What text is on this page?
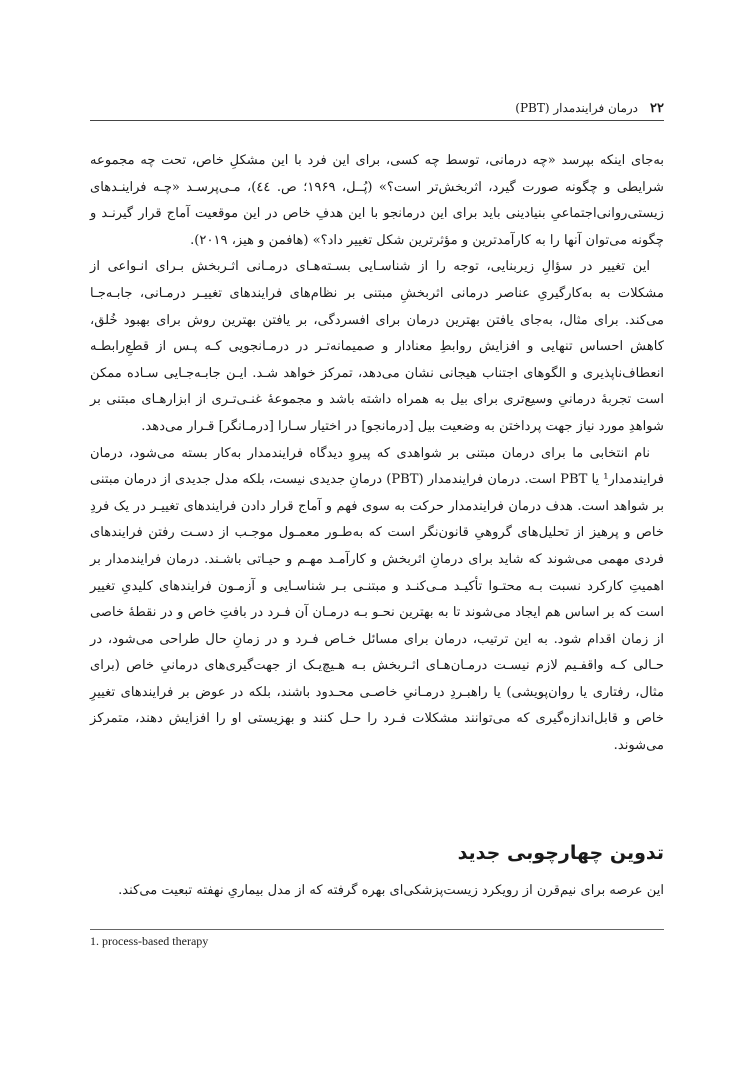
۲۲
درمان فرایندمدار (PBT)

به‌جای اینکه بپرسد «چه درمانی، توسط چه کسی، برای این فرد با این مشکلِ خاص، تحت چه مجموعه شرایطی و چگونه صورت گیرد، اثربخش‌تر است؟» (پُــل، ۱۹۶۹؛ ص. ٤٤)، مـی‌پرسـد «چـه فراینـدهای زیستی‌روانی‌اجتماعیِ بنیادینی باید برای این درمانجو با این هدفِ خاص در این موقعیت آماج قرار گیرنـد و چگونه می‌توان آنها را به کارآمدترین و مؤثرترین شکل تغییر داد؟» (هافمن و هیز، ۲۰۱۹).

این تغییر در سؤالِ زیربنایی، توجه را از شناسـایی بسـته‌هـای درمـانی اثـربخش بـرای انـواعی از مشکلات به به‌کارگیریِ عناصر درمانی اثربخشِ مبتنی بر نظام‌های فرایندهای تغییـر درمـانی، جابـه‌جـا می‌کند. برای مثال، به‌جای یافتن بهترین درمان برای افسردگی، بر یافتن بهترین روش برای بهبود خُلق، کاهش احساس تنهایی و افزایش روابطِ معنادار و صمیمانه‌تـر در درمـانجویی کـه پـس از قطعِ‌رابطـه انعطاف‌ناپذیری و الگوهای اجتناب هیجانی نشان می‌دهد، تمرکز خواهد شـد. ایـن جابـه‌جـایی سـاده ممکن است تجربهٔ درمانیِ وسیع‌تری برای بیل به همراه داشته باشد و مجموعهٔ غنـی‌تـری از ابزارهـای مبتنی بر شواهدِ مورد نیاز جهت پرداختن به وضعیت بیل [درمانجو] در اختیار سـارا [درمـانگر] قـرار می‌دهد.

نام انتخابی ما برای درمان مبتنی بر شواهدی که پیروِ دیدگاه فرایندمدار به‌کار بسته می‌شود، درمان فرایندمدار¹ یا PBT است. درمان فرایندمدار (PBT) درمانِ جدیدی نیست، بلکه مدل جدیدی از درمان مبتنی بر شواهد است. هدف درمان فرایندمدار حرکت به سوی فهم و آماج قرار دادن فرایندهای تغییـر در یک فردِ خاص و پرهیز از تحلیل‌های گروهیِ قانون‌نگر است که به‌طـور معمـول موجـب از دسـت رفتن فرایندهای فردی مهمی می‌شوند که شاید برای درمانِ اثربخش و کارآمـد مهـم و حیـاتی باشـند. درمان فرایندمدار بر اهمیتِ کارکرد نسبت بـه محتـوا تأکیـد مـی‌کنـد و مبتنـی بـر شناسـایی و آزمـون فرایندهای کلیدیِ تغییر است که بر اساس هم ایجاد می‌شوند تا به بهترین نحـو بـه درمـان آن فـرد در بافتِ خاص و در نقطهٔ خاصی از زمان اقدام شود. به این ترتیب، درمان برای مسائل خـاص فـرد و در زمانِ حال طراحی می‌شود، در حـالی کـه واقفـیم لازم نیسـت درمـان‌هـای اثـربخش بـه هـیچ‌یـک از جهت‌گیری‌های درمانیِ خاص (برای مثال، رفتاری یا روان‌پویشی) یا راهبـردِ درمـانیِ خاصـی محـدود باشند، بلکه در عوض بر فرایندهای تغییرِ خاص و قابل‌اندازه‌گیری که می‌توانند مشکلات فـرد را حـل کنند و بهزیستی او را افزایش دهند، متمرکز می‌شوند.

تدوین چهارچوبی جدید
این عرصه برای نیم‌قرن از رویکرد زیست‌پزشکی‌ای بهره گرفته که از مدل بیماریِ نهفته تبعیت می‌کند.
1. process-based therapy
